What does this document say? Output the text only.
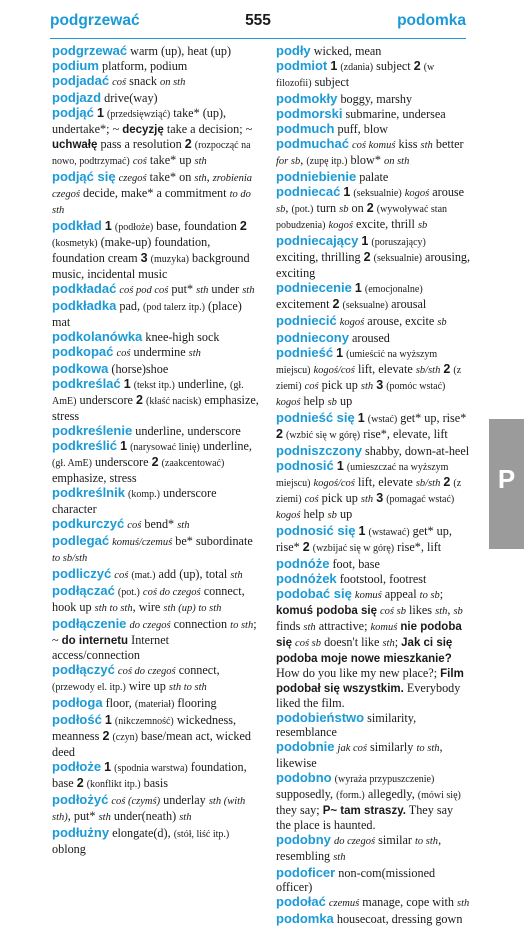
podgrzewać	555	podomka
podgrzewać warm (up), heat (up)
podium platform, podium
podjadać coś snack on sth
podjazd drive(way)
podjąć 1 (przedsięwziąć) take* (up), undertake*; ~ decyzję take a decision; ~ uchwałę pass a resolution 2 (rozpocząć na nowo, podtrzymać) coś take* up sth
podjąć się czegoś take* on sth, zrobienia czegoś decide, make* a commitment to do sth
podkład 1 (podłoże) base, foundation 2 (kosmetyk) (make-up) foundation, foundation cream 3 (muzyka) background music, incidental music
podkładać coś pod coś put* sth under sth
podkładka pad, (pod talerz itp.) (place) mat
podkolanówka knee-high sock
podkopać coś undermine sth
podkowa (horse)shoe
podkreślać 1 (tekst itp.) underline, (gł. AmE) underscore 2 (kłaść nacisk) emphasize, stress
podkreślenie underline, underscore
podkreślić 1 (narysować linię) underline, (gł. AmE) underscore 2 (zaakcentować) emphasize, stress
podkreślnik (komp.) underscore character
podkurczyć coś bend* sth
podlegać komuś/czemuś be* subordinate to sb/sth
podliczyć coś (mat.) add (up), total sth
podłączać (pot.) coś do czegoś connect, hook up sth to sth, wire sth (up) to sth
podłączenie do czegoś connection to sth; ~ do internetu Internet access/connection
podłączyć coś do czegoś connect, (przewody el. itp.) wire up sth to sth
podłoga floor, (materiał) flooring
podłość 1 (nikczemność) wickedness, meanness 2 (czyn) base/mean act, wicked deed
podłoże 1 (spodnia warstwa) foundation, base 2 (konflikt itp.) basis
podłożyć coś (czymś) underlay sth (with sth), put* sth under(neath) sth
podłużny elongate(d), (stół, liść itp.) oblong
podły wicked, mean
podmiot 1 (zdania) subject 2 (w filozofii) subject
podmokły boggy, marshy
podmorski submarine, undersea
podmuch puff, blow
podmuchać coś komuś kiss sth better for sb, (zupę itp.) blow* on sth
podniebienie palate
podniecać 1 (seksualnie) kogoś arouse sb, (pot.) turn sb on 2 (wywoływać stan pobudzenia) kogoś excite, thrill sb
podniecający 1 (poruszający) exciting, thrilling 2 (seksualnie) arousing, exciting
podniecenie 1 (emocjonalne) excitement 2 (seksualne) arousal
podniecić kogoś arouse, excite sb
podniecony aroused
podnieść 1 (umieścić na wyższym miejscu) kogoś/coś lift, elevate sb/sth 2 (z ziemi) coś pick up sth 3 (pomóc wstać) kogoś help sb up
podnieść się 1 (wstać) get* up, rise* 2 (wzbić się w górę) rise*, elevate, lift
podniszczony shabby, down-at-heel
podnosić 1 (umieszczać na wyższym miejscu) kogoś/coś lift, elevate sb/sth 2 (z ziemi) coś pick up sth 3 (pomagać wstać) kogoś help sb up
podnosić się 1 (wstawać) get* up, rise* 2 (wzbijać się w górę) rise*, lift
podnóże foot, base
podnóżek footstool, footrest
podobać się komuś appeal to sb; komuś podoba się coś sb likes sth, sb finds sth attractive; komuś nie podoba się coś sb doesn't like sth; Jak ci się podoba moje nowe mieszkanie? How do you like my new place?; Film podobał się wszystkim. Everybody liked the film.
podobieństwo similarity, resemblance
podobnie jak coś similarly to sth, likewise
podobno (wyraża przypuszczenie) supposedly, (form.) allegedly, (mówi się) they say; P~ tam straszy. They say the place is haunted.
podobny do czegoś similar to sth, resembling sth
podoficer non-com(missioned officer)
podołać czemuś manage, cope with sth
podomka housecoat, dressing gown
P
